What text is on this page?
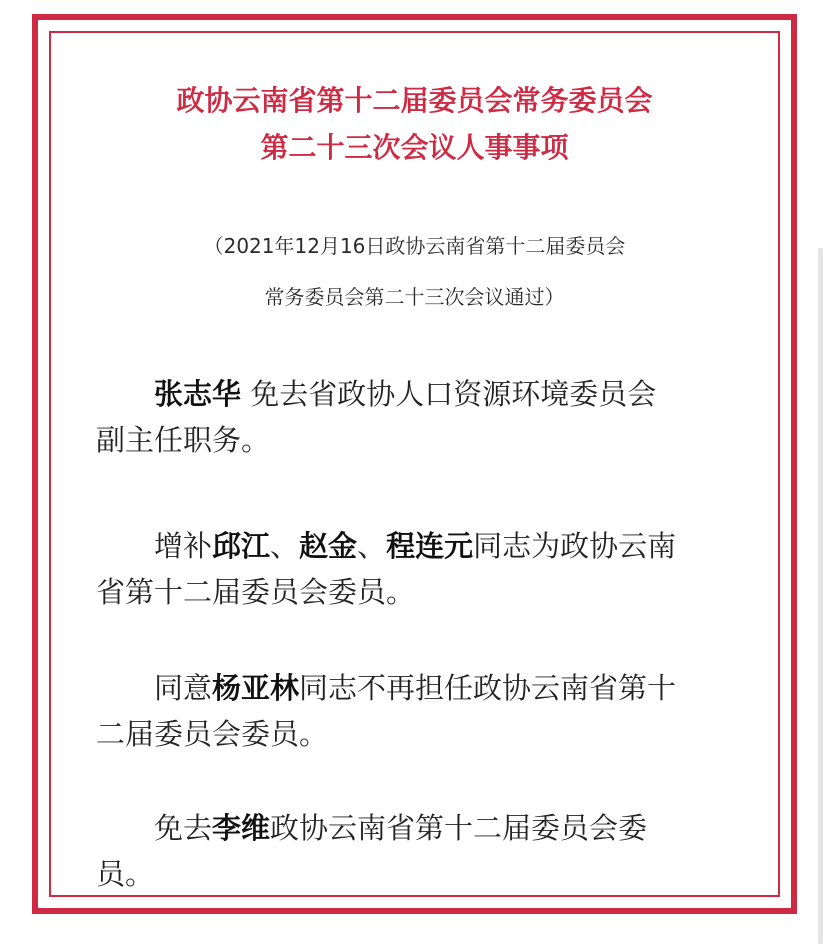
政协云南省第十二届委员会常务委员会
第二十三次会议人事事项
（2021年12月16日政协云南省第十二届委员会
常务委员会第二十三次会议通过）
张志华 免去省政协人口资源环境委员会
副主任职务。
增补邱江、赵金、程连元同志为政协云南
省第十二届委员会委员。
同意杨亚林同志不再担任政协云南省第十
二届委员会委员。
免去李维政协云南省第十二届委员会委
员。
